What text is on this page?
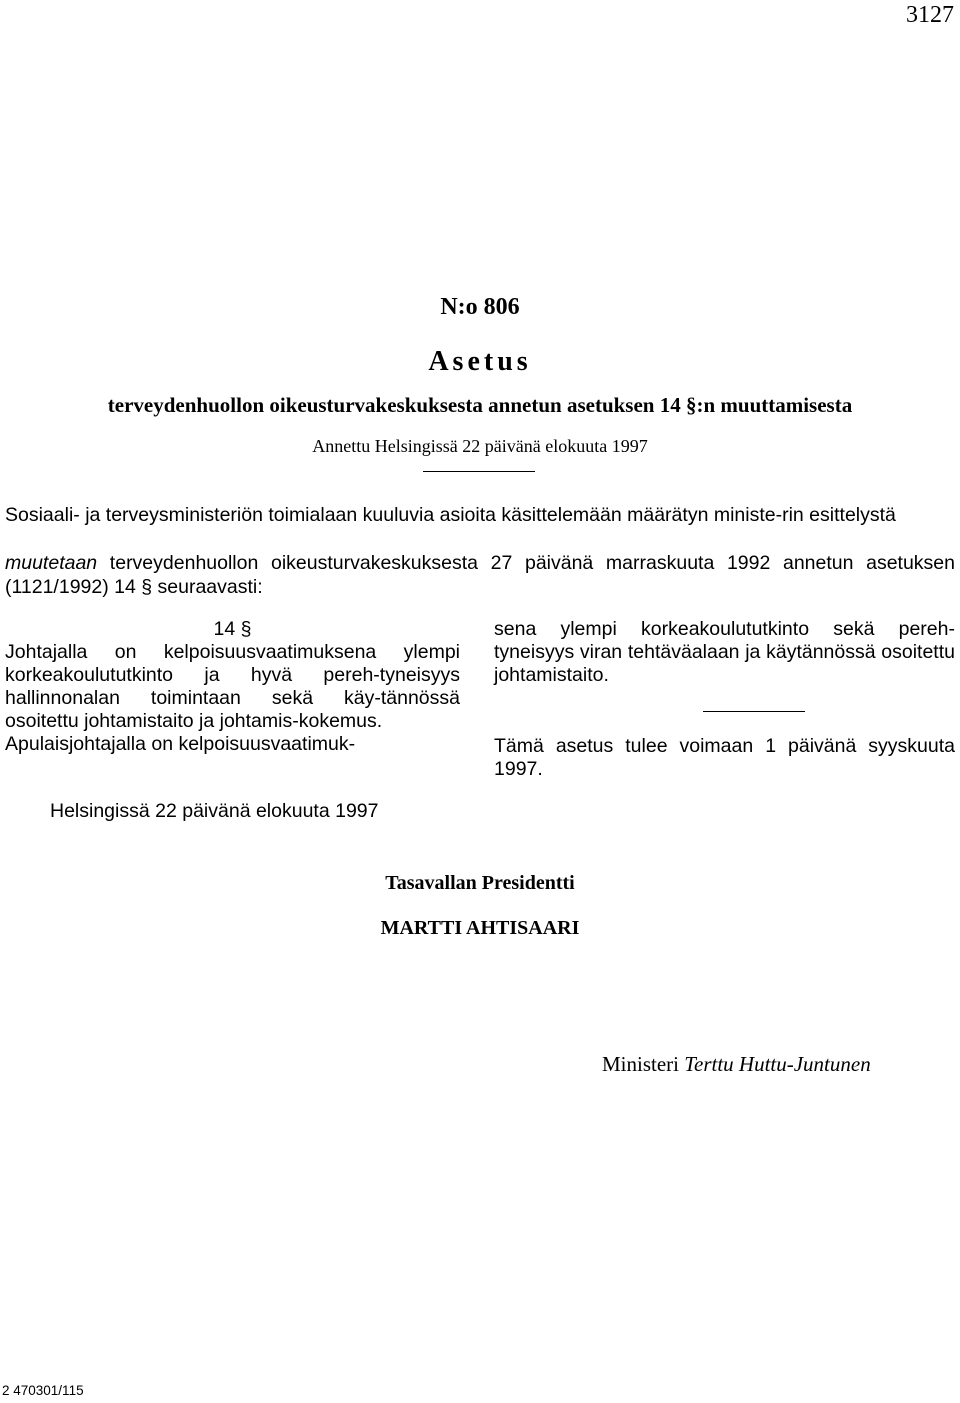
3127
N:o 806
Asetus
terveydenhuollon oikeusturvakeskuksesta annetun asetuksen 14 §:n muuttamisesta
Annettu Helsingissä 22 päivänä elokuuta 1997
Sosiaali- ja terveysministeriön toimialaan kuuluvia asioita käsittelemään määrätyn ministe-rin esittelystä
muutetaan terveydenhuollon oikeusturvakeskuksesta 27 päivänä marraskuuta 1992 annetun asetuksen (1121/1992) 14 § seuraavasti:
14 §
Johtajalla on kelpoisuusvaatimuksena ylempi korkeakoulututkinto ja hyvä pereh-tyneisyys hallinnonalan toimintaan sekä käy-tännössä osoitettu johtamistaito ja johtamis-kokemus.
Apulaisjohtajalla on kelpoisuusvaatimuk-
sena ylempi korkeakoulututkinto sekä pereh-tyneisyys viran tehtäväalaan ja käytännössä osoitettu johtamistaito.
Tämä asetus tulee voimaan 1 päivänä syyskuuta 1997.
Helsingissä 22 päivänä elokuuta 1997
Tasavallan Presidentti
MARTTI AHTISAARI
Ministeri Terttu Huttu-Juntunen
2 470301/115
